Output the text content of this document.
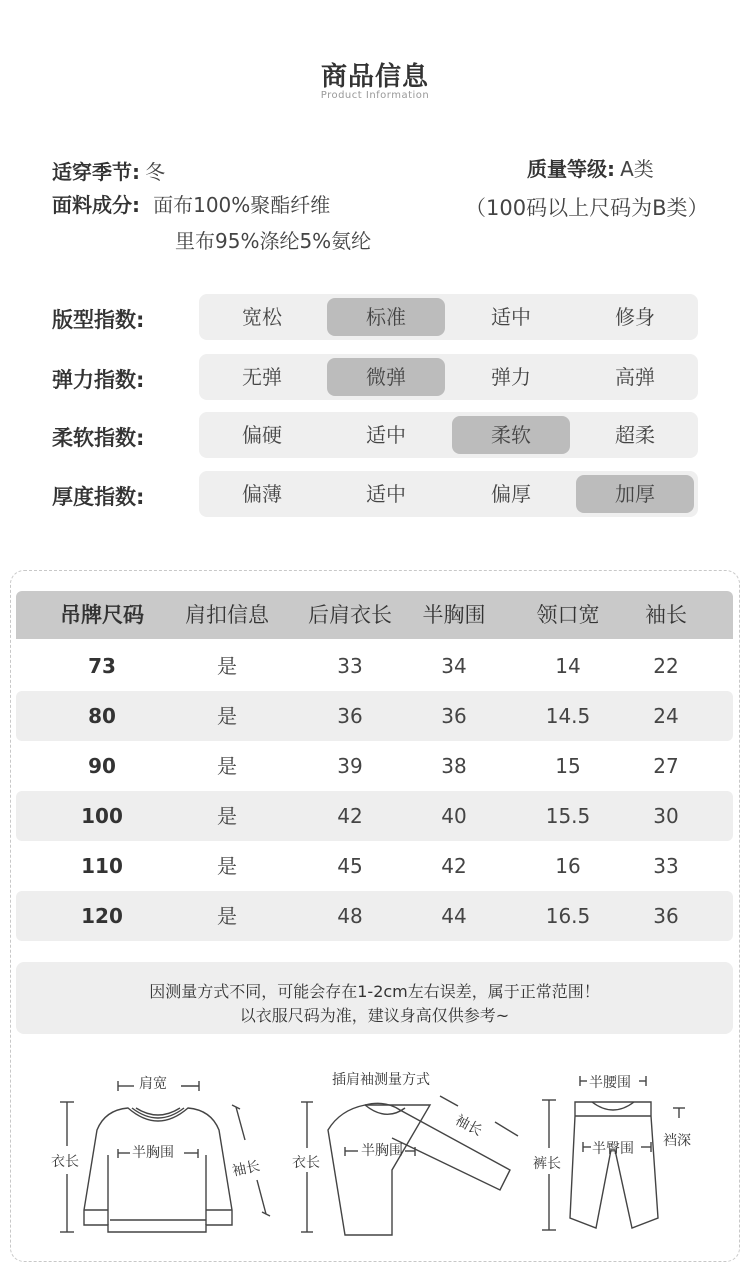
商品信息
Product Information
适穿季节: 冬
面料成分: 面布100%聚酯纤维
里布95%涤纶5%氨纶
质量等级: A类
（100码以上尺码为B类）
版型指数:	宽松	标准	适中	修身
弹力指数:	无弹	微弹	弹力	高弹
柔软指数:	偏硬	适中	柔软	超柔
厚度指数:	偏薄	适中	偏厚	加厚
吊牌尺码	肩扣信息	后肩衣长	半胸围	领口宽	袖长
73	是	33	34	14	22
80	是	36	36	14.5	24
90	是	39	38	15	27
100	是	42	40	15.5	30
110	是	45	42	16	33
120	是	48	44	16.5	36
因测量方式不同，可能会存在1-2cm左右误差，属于正常范围！
以衣服尺码为准，建议身高仅供参考~
肩宽
衣长
半胸围
袖长
插肩袖测量方式
袖长
衣长
半胸围
半腰围
裤长
半臀围 裆深
